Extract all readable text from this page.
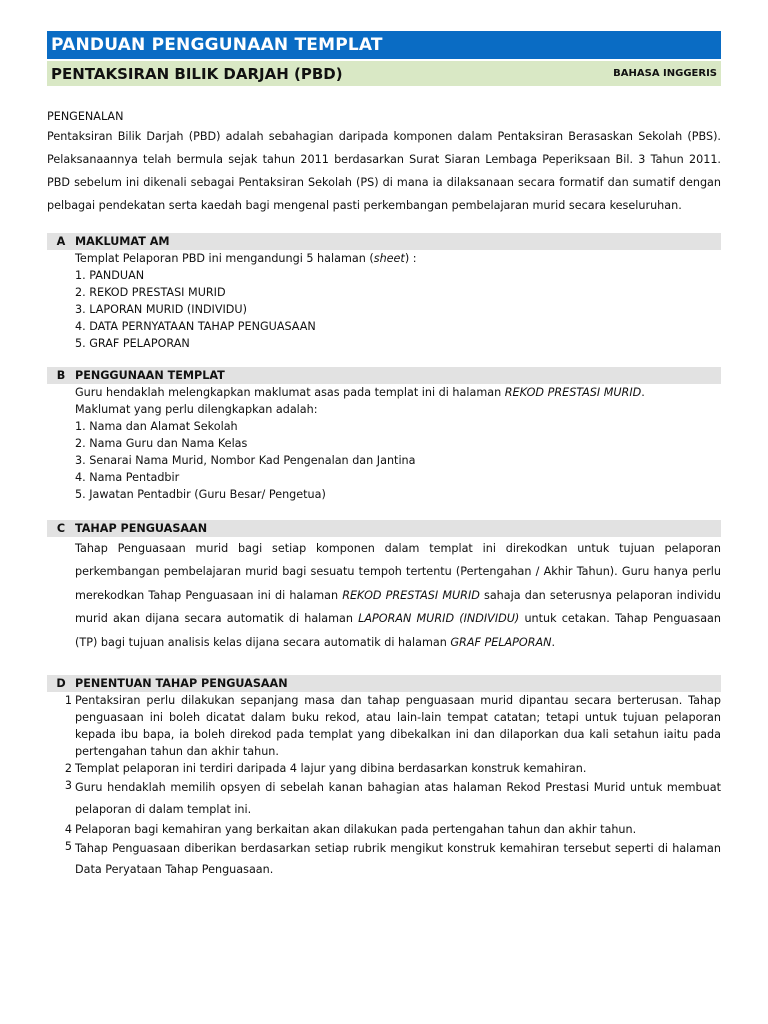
PANDUAN PENGGUNAAN TEMPLAT
PENTAKSIRAN BILIK DARJAH (PBD)	BAHASA INGGERIS
PENGENALAN
Pentaksiran Bilik Darjah (PBD) adalah sebahagian daripada komponen dalam Pentaksiran Berasaskan Sekolah (PBS). Pelaksanaannya telah bermula sejak tahun 2011 berdasarkan Surat Siaran Lembaga Peperiksaan Bil. 3 Tahun 2011. PBD sebelum ini dikenali sebagai Pentaksiran Sekolah (PS) di mana ia dilaksanaan secara formatif dan sumatif dengan pelbagai pendekatan serta kaedah bagi mengenal pasti perkembangan pembelajaran murid secara keseluruhan.
A MAKLUMAT AM
Templat Pelaporan PBD ini mengandungi 5 halaman (sheet) :
1. PANDUAN
2. REKOD PRESTASI MURID
3. LAPORAN MURID (INDIVIDU)
4. DATA PERNYATAAN TAHAP PENGUASAAN
5. GRAF PELAPORAN
B PENGGUNAAN TEMPLAT
Guru hendaklah melengkapkan maklumat asas pada templat ini di halaman REKOD PRESTASI MURID.
Maklumat yang perlu dilengkapkan adalah:
1. Nama dan Alamat Sekolah
2. Nama Guru dan Nama Kelas
3. Senarai Nama Murid, Nombor Kad Pengenalan dan Jantina
4. Nama Pentadbir
5. Jawatan Pentadbir (Guru Besar/ Pengetua)
C TAHAP PENGUASAAN
Tahap Penguasaan murid bagi setiap komponen dalam templat ini direkodkan untuk tujuan pelaporan perkembangan pembelajaran murid bagi sesuatu tempoh tertentu (Pertengahan / Akhir Tahun). Guru hanya perlu merekodkan Tahap Penguasaan ini di halaman REKOD PRESTASI MURID sahaja dan seterusnya pelaporan individu murid akan dijana secara automatik di halaman LAPORAN MURID (INDIVIDU) untuk cetakan. Tahap Penguasaan (TP) bagi tujuan analisis kelas dijana secara automatik di halaman GRAF PELAPORAN.
D PENENTUAN TAHAP PENGUASAAN
1 Pentaksiran perlu dilakukan sepanjang masa dan tahap penguasaan murid dipantau secara berterusan. Tahap penguasaan ini boleh dicatat dalam buku rekod, atau lain-lain tempat catatan; tetapi untuk tujuan pelaporan kepada ibu bapa, ia boleh direkod pada templat yang dibekalkan ini dan dilaporkan dua kali setahun iaitu pada pertengahan tahun dan akhir tahun.
2 Templat pelaporan ini terdiri daripada 4 lajur yang dibina berdasarkan konstruk kemahiran.
3 Guru hendaklah memilih opsyen di sebelah kanan bahagian atas halaman Rekod Prestasi Murid untuk membuat pelaporan di dalam templat ini.
4 Pelaporan bagi kemahiran yang berkaitan akan dilakukan pada pertengahan tahun dan akhir tahun.
5 Tahap Penguasaan diberikan berdasarkan setiap rubrik mengikut konstruk kemahiran tersebut seperti di halaman Data Peryataan Tahap Penguasaan.
